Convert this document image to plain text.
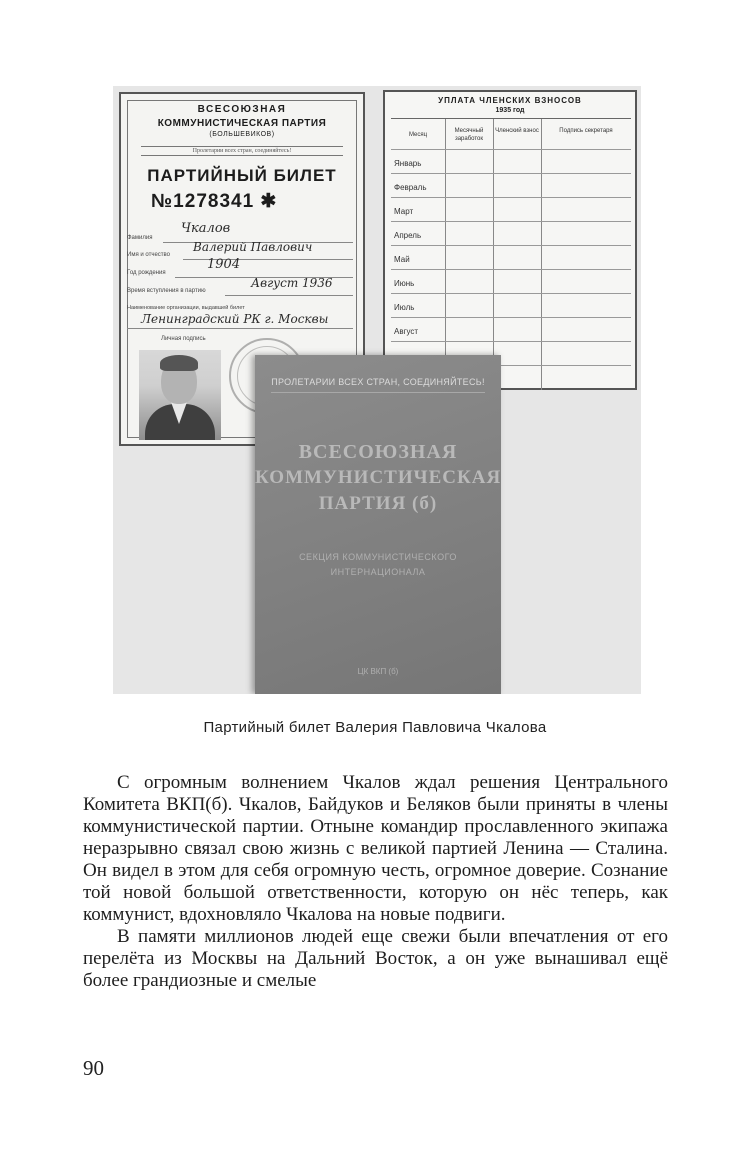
ВСЕСОЮЗНАЯ
КОММУНИСТИЧЕСКАЯ ПАРТИЯ
(БОЛЬШЕВИКОВ)
Пролетарии всех стран, соединяйтесь!
ПАРТИЙНЫЙ БИЛЕТ
№1278341 ✱
Фамилия
Чкалов
Имя и отчество
Валерий Павлович
Год рождения
1904
Время вступления в партию
Август 1936
Наименование организации, выдавшей билет
Ленинградский РК г. Москвы
Личная подпись
УПЛАТА ЧЛЕНСКИХ ВЗНОСОВ
1935 год
Месяц
Месячный заработок
Членский взнос	Подпись секретаря
Январь
Февраль
Март
Апрель
Май
Июнь
Июль
Август
ПРОЛЕТАРИИ ВСЕХ СТРАН, СОЕДИНЯЙТЕСЬ!
ВСЕСОЮЗНАЯ
КОММУНИСТИЧЕСКАЯ
ПАРТИЯ (б)
СЕКЦИЯ КОММУНИСТИЧЕСКОГО
ИНТЕРНАЦИОНАЛА
ЦК ВКП (б)
Партийный билет Валерия Павловича Чкалова

С огромным волнением Чкалов ждал решения Центрального Комитета ВКП(б). Чкалов, Байдуков и Беляков были приняты в члены коммунистической партии. Отныне командир прославленного экипажа неразрывно связал свою жизнь с великой партией Ленина — Сталина. Он видел в этом для себя огромную честь, огромное доверие. Сознание той новой большой ответственности, которую он нёс теперь, как коммунист, вдохновляло Чкалова на новые подвиги.

В памяти миллионов людей еще свежи были впечатления от его перелёта из Москвы на Дальний Восток, а он уже вынашивал ещё более грандиозные и смелые

90
